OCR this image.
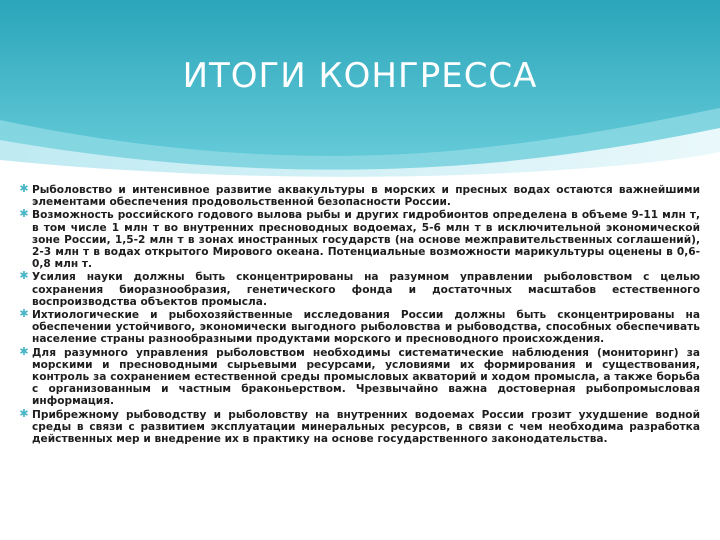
ИТОГИ КОНГРЕССА
✱ Рыболовство и интенсивное развитие аквакультуры в морских и пресных водах остаются важнейшими элементами обеспечения продовольственной безопасности России.
✱ Возможность российского годового вылова рыбы и других гидробионтов определена в объеме 9-11 млн т, в том числе 1 млн т во внутренних пресноводных водоемах, 5-6 млн т в исключительной экономической зоне России, 1,5-2 млн т в зонах иностранных государств (на основе межправительственных соглашений), 2-3 млн т в водах открытого Мирового океана. Потенциальные возможности марикультуры оценены в 0,6-0,8 млн т.
✱ Усилия науки должны быть сконцентрированы на разумном управлении рыболовством с целью сохранения биоразнообразия, генетического фонда и достаточных масштабов естественного воспроизводства объектов промысла.
✱ Ихтиологические и рыбохозяйственные исследования России должны быть сконцентрированы на обеспечении устойчивого, экономически выгодного рыболовства и рыбоводства, способных обеспечивать население страны разнообразными продуктами морского и пресноводного происхождения.
✱ Для разумного управления рыболовством необходимы систематические наблюдения (мониторинг) за морскими и пресноводными сырьевыми ресурсами, условиями их формирования и существования, контроль за сохранением естественной среды промысловых акваторий и ходом промысла, а также борьба с организованным и частным браконьерством. Чрезвычайно важна достоверная рыбопромысловая информация.
✱ Прибрежному рыбоводству и рыболовству на внутренних водоемах России грозит ухудшение водной среды в связи с развитием эксплуатации минеральных ресурсов, в связи с чем необходима разработка действенных мер и внедрение их в практику на основе государственного законодательства.
